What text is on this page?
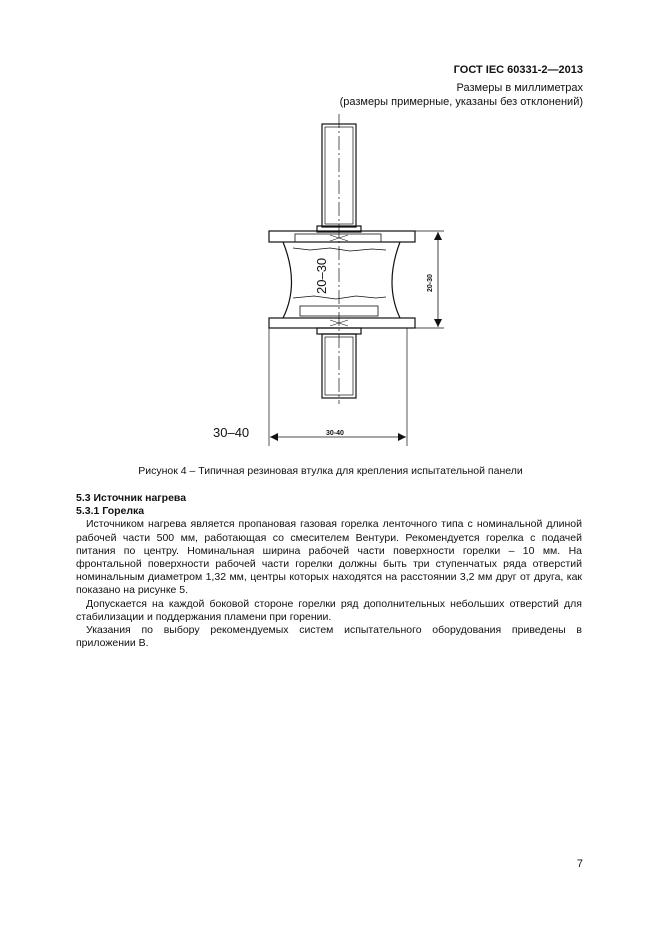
ГОСТ IEC 60331-2—2013
Размеры в миллиметрах
(размеры примерные, указаны без отклонений)
20–30	20-30
30–40	30-40
Рисунок 4 – Типичная резиновая втулка для крепления испытательной панели
5.3 Источник нагрева
5.3.1 Горелка

Источником нагрева является пропановая газовая горелка ленточного типа с номинальной длиной рабочей части 500 мм, работающая со смесителем Вентури. Рекомендуется горелка с подачей питания по центру. Номинальная ширина рабочей части поверхности горелки – 10 мм. На фронтальной поверхности рабочей части горелки должны быть три ступенчатых ряда отверстий номинальным диаметром 1,32 мм, центры которых находятся на расстоянии 3,2 мм друг от друга, как показано на рисунке 5.

Допускается на каждой боковой стороне горелки ряд дополнительных небольших отверстий для стабилизации и поддержания пламени при горении.

Указания по выбору рекомендуемых систем испытательного оборудования приведены в приложении В.

7
